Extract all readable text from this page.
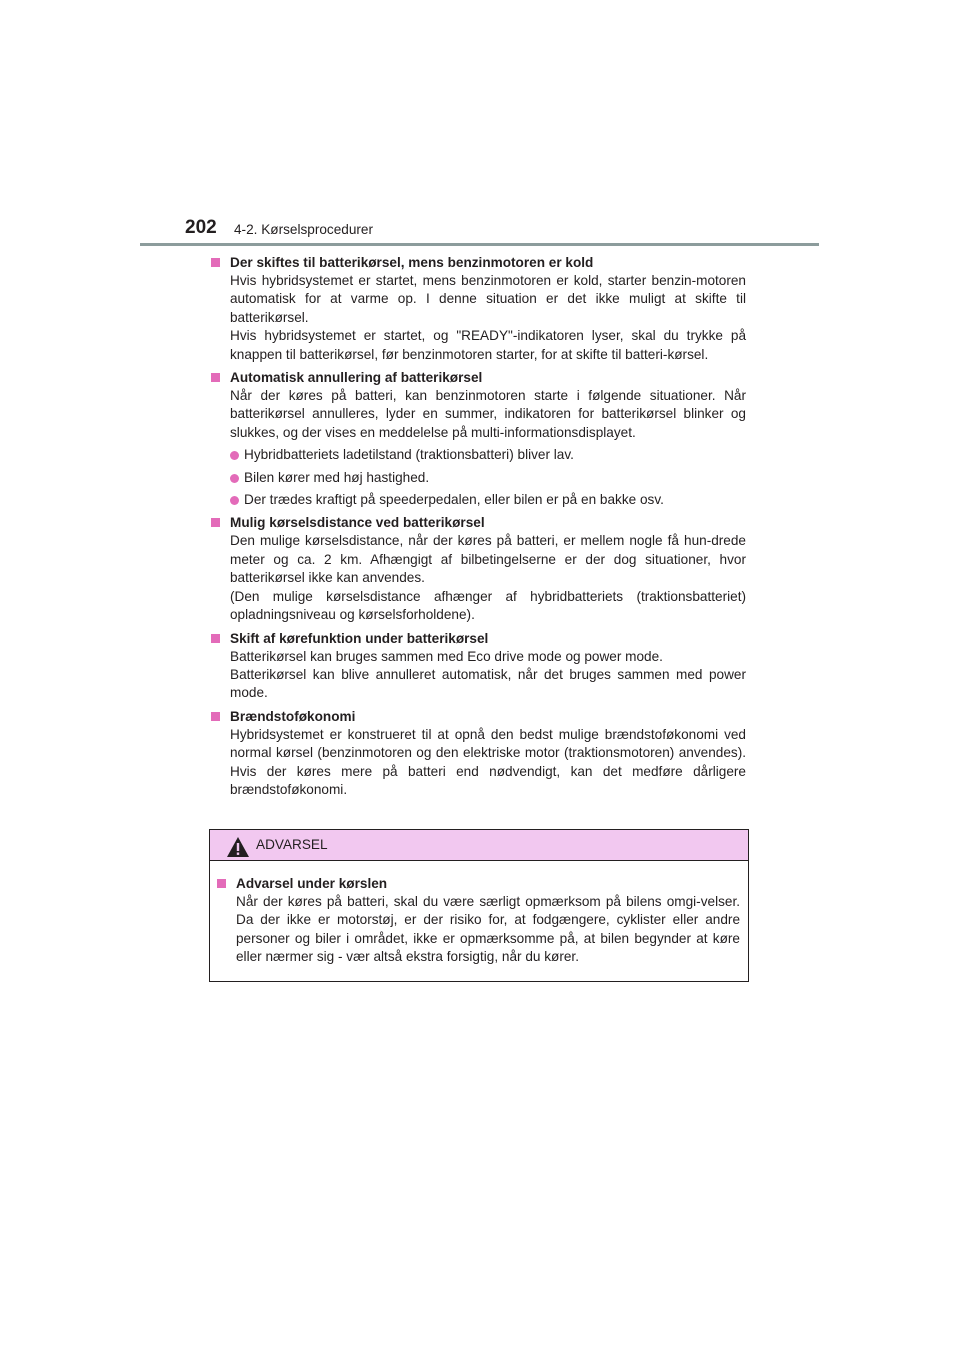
202 4-2. Kørselsprocedurer
Der skiftes til batterikørsel, mens benzinmotoren er kold
Hvis hybridsystemet er startet, mens benzinmotoren er kold, starter benzin-motoren automatisk for at varme op. I denne situation er det ikke muligt at skifte til batterikørsel.
Hvis hybridsystemet er startet, og "READY"-indikatoren lyser, skal du trykke på knappen til batterikørsel, før benzinmotoren starter, for at skifte til batteri-kørsel.
Automatisk annullering af batterikørsel
Når der køres på batteri, kan benzinmotoren starte i følgende situationer. Når batterikørsel annulleres, lyder en summer, indikatoren for batterikørsel blinker og slukkes, og der vises en meddelelse på multi-informationsdisplayet.
Hybridbatteriets ladetilstand (traktionsbatteri) bliver lav.
Bilen kører med høj hastighed.
Der trædes kraftigt på speederpedalen, eller bilen er på en bakke osv.
Mulig kørselsdistance ved batterikørsel
Den mulige kørselsdistance, når der køres på batteri, er mellem nogle få hun-drede meter og ca. 2 km. Afhængigt af bilbetingelserne er der dog situationer, hvor batterikørsel ikke kan anvendes.
(Den mulige kørselsdistance afhænger af hybridbatteriets (traktionsbatteriet) opladningsniveau og kørselsforholdene).
Skift af kørefunktion under batterikørsel
Batterikørsel kan bruges sammen med Eco drive mode og power mode.
Batterikørsel kan blive annulleret automatisk, når det bruges sammen med power mode.
Brændstoføkonomi
Hybridsystemet er konstrueret til at opnå den bedst mulige brændstoføkonomi ved normal kørsel (benzinmotoren og den elektriske motor (traktionsmotoren) anvendes). Hvis der køres mere på batteri end nødvendigt, kan det medføre dårligere brændstoføkonomi.
ADVARSEL
Advarsel under kørslen
Når der køres på batteri, skal du være særligt opmærksom på bilens omgi-velser. Da der ikke er motorstøj, er der risiko for, at fodgængere, cyklister eller andre personer og biler i området, ikke er opmærksomme på, at bilen begynder at køre eller nærmer sig - vær altså ekstra forsigtig, når du kører.
